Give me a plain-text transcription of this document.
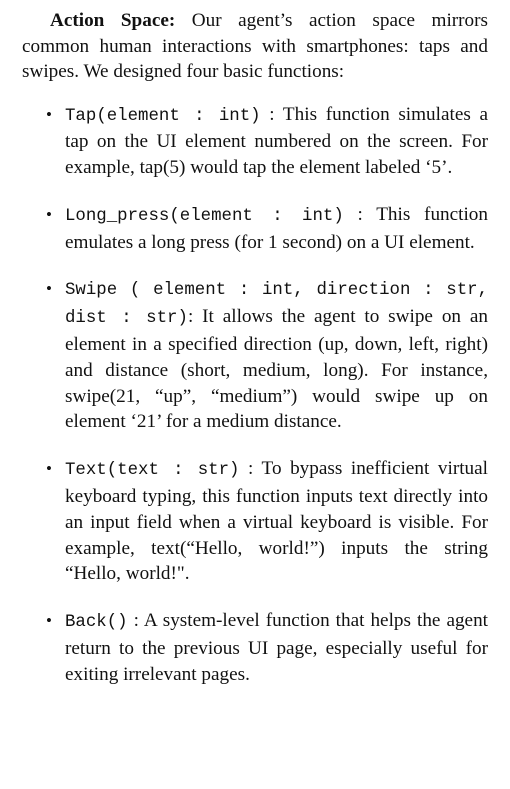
Action Space: Our agent’s action space mirrors common human interactions with smartphones: taps and swipes. We designed four basic functions:

• Tap(element : int) : This function simulates a tap on the UI element numbered on the screen. For example, tap(5) would tap the element labeled ‘5’.
• Long_press(element : int) : This function emulates a long press (for 1 second) on a UI element.
• Swipe ( element : int, direction : str, dist : str): It allows the agent to swipe on an element in a specified direction (up, down, left, right) and distance (short, medium, long). For instance, swipe(21, “up”, “medium”) would swipe up on element ‘21’ for a medium distance.
• Text(text : str) : To bypass inefficient virtual keyboard typing, this function inputs text directly into an input field when a virtual keyboard is visible. For example, text(“Hello, world!”) inputs the string “Hello, world!".
• Back() : A system-level function that helps the agent return to the previous UI page, especially useful for exiting irrelevant pages.
